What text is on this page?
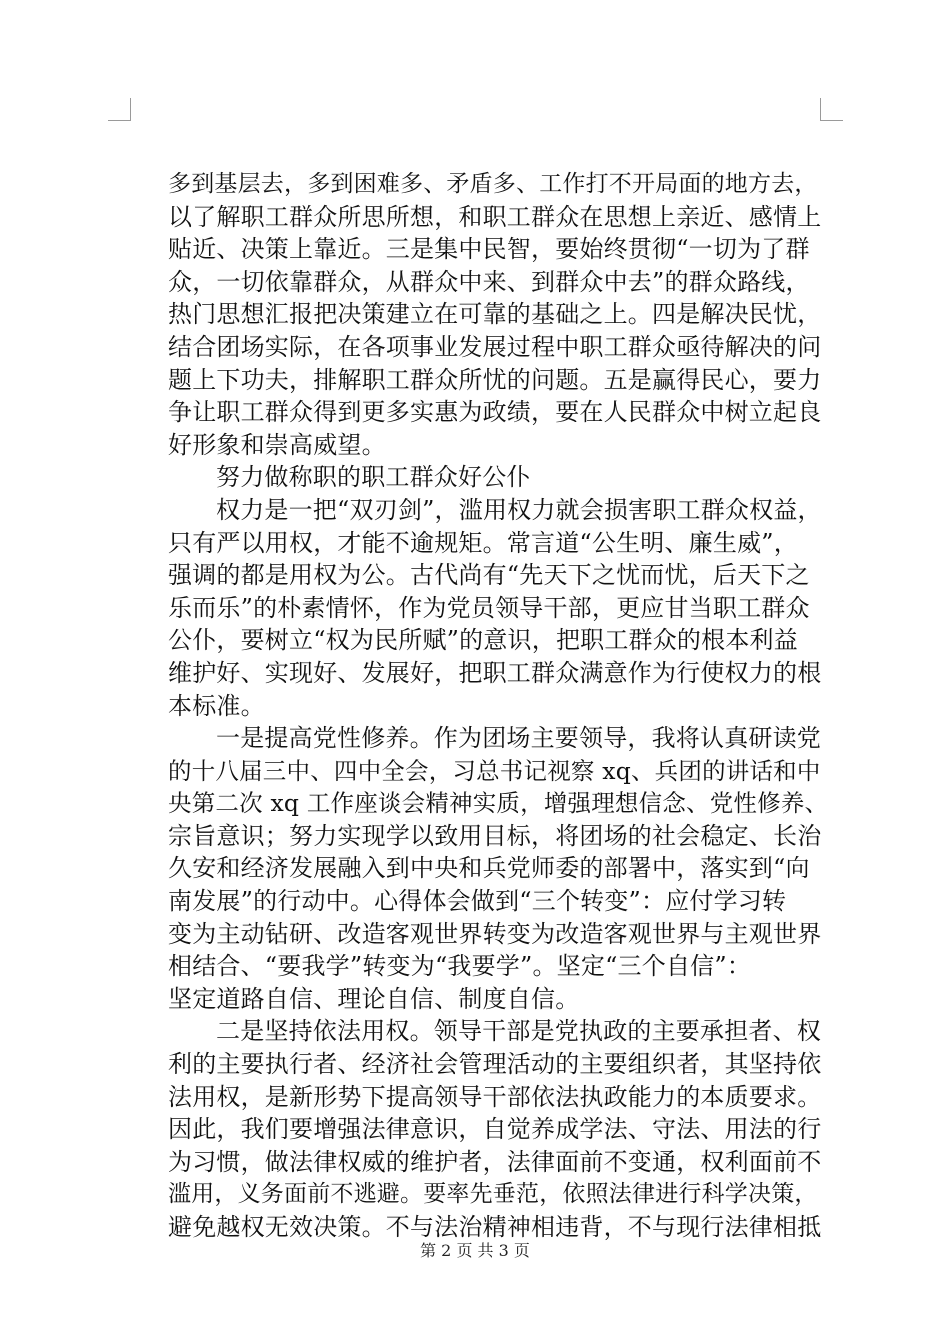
多到基层去，多到困难多、矛盾多、工作打不开局面的地方去，
以了解职工群众所思所想，和职工群众在思想上亲近、感情上
贴近、决策上靠近。三是集中民智，要始终贯彻“一切为了群
众，一切依靠群众，从群众中来、到群众中去”的群众路线，
热门思想汇报把决策建立在可靠的基础之上。四是解决民忧，
结合团场实际，在各项事业发展过程中职工群众亟待解决的问
题上下功夫，排解职工群众所忧的问题。五是赢得民心，要力
争让职工群众得到更多实惠为政绩，要在人民群众中树立起良
好形象和崇高威望。
努力做称职的职工群众好公仆
权力是一把“双刃剑”，滥用权力就会损害职工群众权益，
只有严以用权，才能不逾规矩。常言道“公生明、廉生威”，
强调的都是用权为公。古代尚有“先天下之忧而忧，后天下之
乐而乐”的朴素情怀，作为党员领导干部，更应甘当职工群众
公仆，要树立“权为民所赋”的意识，把职工群众的根本利益
维护好、实现好、发展好，把职工群众满意作为行使权力的根
本标准。
一是提高党性修养。作为团场主要领导，我将认真研读党
的十八届三中、四中全会，习总书记视察 xq、兵团的讲话和中
央第二次 xq 工作座谈会精神实质，增强理想信念、党性修养、
宗旨意识；努力实现学以致用目标，将团场的社会稳定、长治
久安和经济发展融入到中央和兵党师委的部署中，落实到“向
南发展”的行动中。心得体会做到“三个转变”：应付学习转
变为主动钻研、改造客观世界转变为改造客观世界与主观世界
相结合、“要我学”转变为“我要学”。坚定“三个自信”：
坚定道路自信、理论自信、制度自信。
二是坚持依法用权。领导干部是党执政的主要承担者、权
利的主要执行者、经济社会管理活动的主要组织者，其坚持依
法用权，是新形势下提高领导干部依法执政能力的本质要求。
因此，我们要增强法律意识，自觉养成学法、守法、用法的行
为习惯，做法律权威的维护者，法律面前不变通，权利面前不
滥用，义务面前不逃避。要率先垂范，依照法律进行科学决策，
避免越权无效决策。不与法治精神相违背，不与现行法律相抵
第 2 页 共 3 页
